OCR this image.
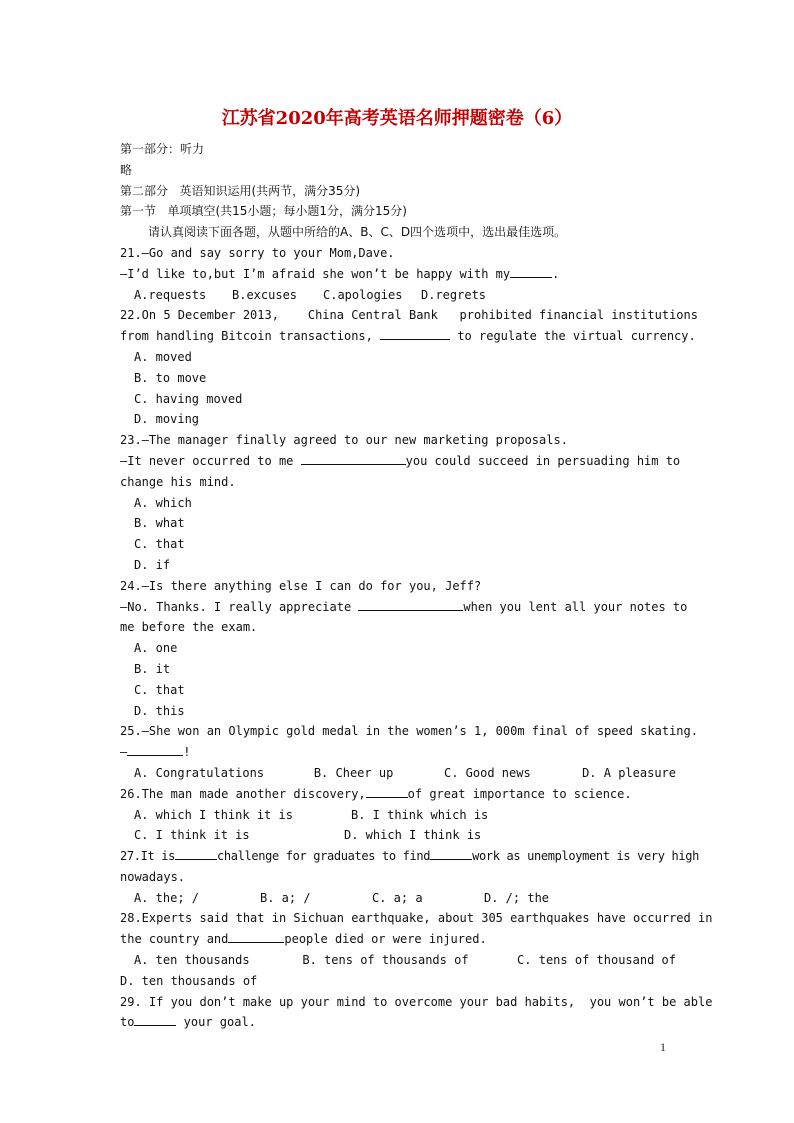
江苏省2020年高考英语名师押题密卷（6）
第一部分：听力
略
第二部分   英语知识运用(共两节，满分35分)
第一节   单项填空(共15小题；每小题1分，满分15分)
请认真阅读下面各题，从题中所给的A、B、C、D四个选项中，选出最佳选项。
21.—Go and say sorry to your Mom,Dave.
—I’d like to,but I’m afraid she won’t be happy with my	.
A.requests	B.excuses	C.apologies	D.regrets
22.On 5 December 2013,    China Central Bank   prohibited financial institutions
from handling Bitcoin transactions,	to regulate the virtual currency.
A. moved
B. to move
C. having moved
D. moving
23.—The manager finally agreed to our new marketing proposals.
—It never occurred to me	you could succeed in persuading him to
change his mind.
A. which
B. what
C. that
D. if
24.—Is there anything else I can do for you, Jeff?
—No. Thanks. I really appreciate	when you lent all your notes to
me before the exam.
A. one
B. it
C. that
D. this
25.—She won an Olympic gold medal in the women’s 1, 000m final of speed skating.
—	!
A. Congratulations	B. Cheer up	C. Good news	D. A pleasure
26.The man made another discovery,	of great importance to science.
A. which I think it is	B. I think which is
C. I think it is	D. which I think is
27.It is	challenge for graduates to find	work as unemployment is very high
nowadays.
A. the; /	B. a; /	C. a; a	D. /; the
28.Experts said that in Sichuan earthquake, about 305 earthquakes have occurred in
the country and	people died or were injured.
A. ten thousands	B. tens of thousands of	C. tens of thousand of
D. ten thousands of
29. If you don’t make up your mind to overcome your bad habits,  you won’t be able
to	your goal.
1
